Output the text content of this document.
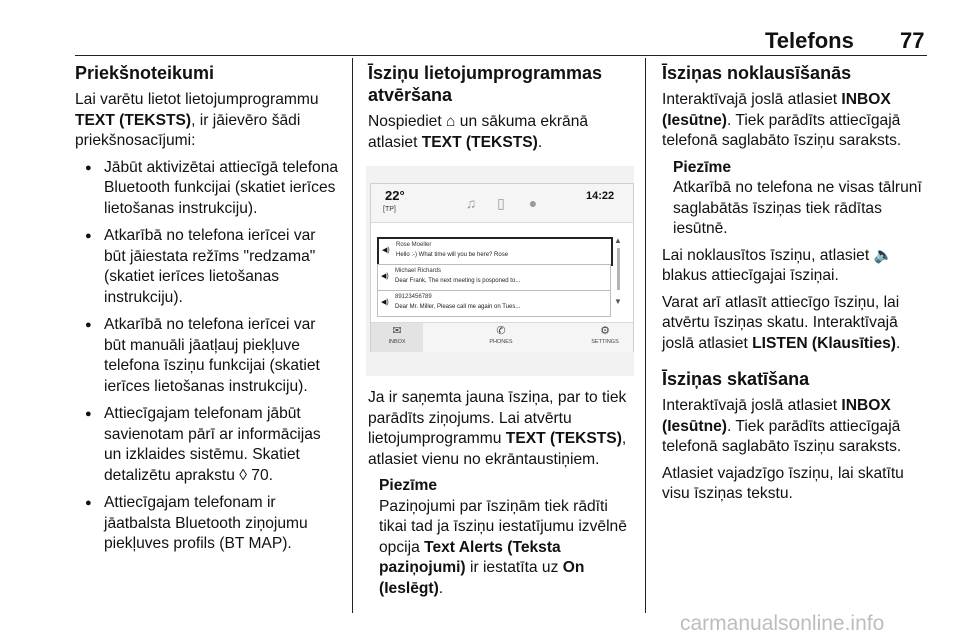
Telefons 77
Priekšnoteikumi

Lai varētu lietot lietojumprogrammu TEXT (TEKSTS), ir jāievēro šādi priekšnosacījumi:

● Jābūt aktivizētai attiecīgā telefona Bluetooth funkcijai (skatiet ierīces lietošanas instrukciju).
● Atkarībā no telefona ierīcei var būt jāiestata režīms "redzama" (skatiet ierīces lietošanas instrukciju).
● Atkarībā no telefona ierīcei var būt manuāli jāatļauj piekļuve telefona īsziņu funkcijai (skatiet ierīces lietošanas instrukciju).
● Attiecīgajam telefonam jābūt savienotam pārī ar informācijas un izklaides sistēmu. Skatiet detalizētu aprakstu ◊ 70.
● Attiecīgajam telefonam ir jāatbalsta Bluetooth ziņojumu piekļuves profils (BT MAP).
Īsziņu lietojumprogrammas atvēršana

Nospiediet ⌂ un sākuma ekrānā atlasiet TEXT (TEKSTS).

22°
[TP]	♫	▯	●	14:22
◀)
Rose Moeller
Hello :-) What time will you be here? Rose
◀)
Michael Richards
Dear Frank, The next meeting is posponed to...
◀)
89123456789
Dear Mr. Miller, Please call me again on Tues...
▲
▼
✉
INBOX
✆
PHONES
⚙
SETTINGS

Ja ir saņemta jauna īsziņa, par to tiek parādīts ziņojums. Lai atvērtu lietojumprogrammu TEXT (TEKSTS), atlasiet vienu no ekrāntaustiņiem.

Piezīme
Paziņojumi par īsziņām tiek rādīti tikai tad ja īsziņu iestatījumu izvēlnē opcija Text Alerts (Teksta paziņojumi) ir iestatīta uz On (Ieslēgt).
Īsziņas noklausīšanās

Interaktīvajā joslā atlasiet INBOX (Iesūtne). Tiek parādīts attiecīgajā telefonā saglabāto īsziņu saraksts.

Piezīme
Atkarībā no telefona ne visas tālrunī saglabātās īsziņas tiek rādītas iesūtnē.

Lai noklausītos īsziņu, atlasiet 🔈 blakus attiecīgajai īsziņai.

Varat arī atlasīt attiecīgo īsziņu, lai atvērtu īsziņas skatu. Interaktīvajā joslā atlasiet LISTEN (Klausīties).

Īsziņas skatīšana

Interaktīvajā joslā atlasiet INBOX (Iesūtne). Tiek parādīts attiecīgajā telefonā saglabāto īsziņu saraksts.

Atlasiet vajadzīgo īsziņu, lai skatītu visu īsziņas tekstu.

carmanualsonline.info
